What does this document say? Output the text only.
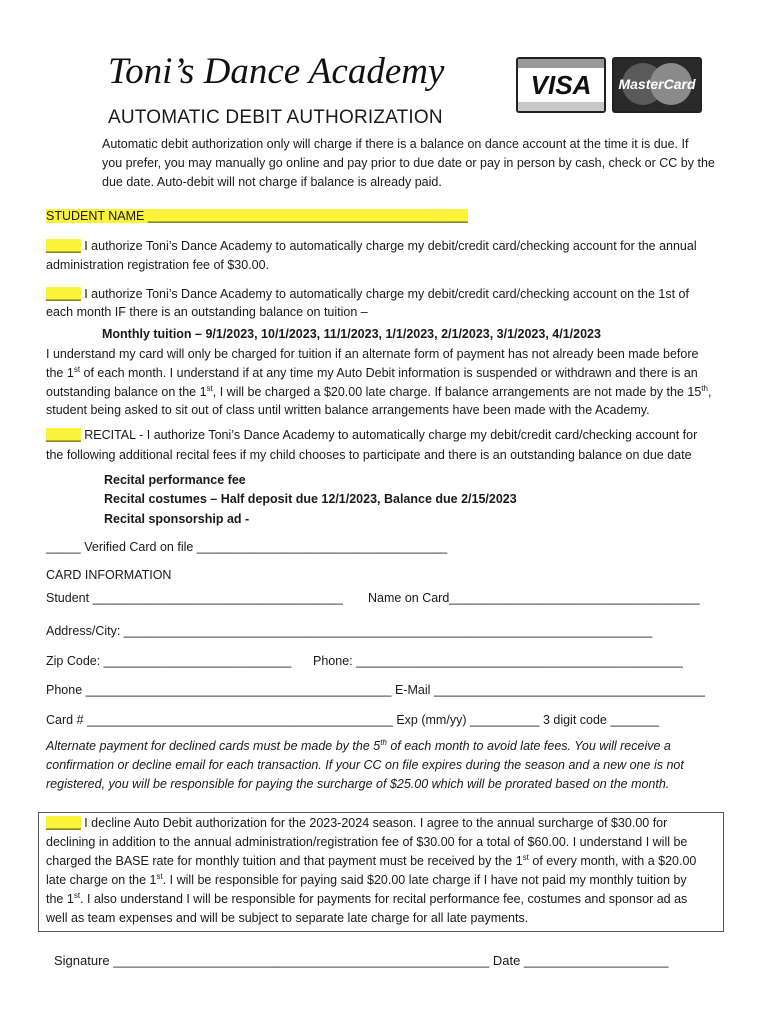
Toni’s Dance Academy
AUTOMATIC DEBIT AUTHORIZATION
VISA	MasterCard
Automatic debit authorization only will charge if there is a balance on dance account at the time it is due. If
you prefer, you may manually go online and pay prior to due date or pay in person by cash, check or CC by the
due date. Auto-debit will not charge if balance is already paid.
STUDENT NAME ______________________________________________
_____ I authorize Toni’s Dance Academy to automatically charge my debit/credit card/checking account for the annual
administration registration fee of $30.00.
_____ I authorize Toni’s Dance Academy to automatically charge my debit/credit card/checking account on the 1st of
each month IF there is an outstanding balance on tuition –
Monthly tuition – 9/1/2023, 10/1/2023, 11/1/2023, 1/1/2023, 2/1/2023, 3/1/2023, 4/1/2023
I understand my card will only be charged for tuition if an alternate form of payment has not already been made before
the 1st of each month. I understand if at any time my Auto Debit information is suspended or withdrawn and there is an
outstanding balance on the 1st, I will be charged a $20.00 late charge. If balance arrangements are not made by the 15th,
student being asked to sit out of class until written balance arrangements have been made with the Academy.
_____ RECITAL - I authorize Toni’s Dance Academy to automatically charge my debit/credit card/checking account for
the following additional recital fees if my child chooses to participate and there is an outstanding balance on due date
Recital performance fee
Recital costumes – Half deposit due 12/1/2023, Balance due 2/15/2023
Recital sponsorship ad -
_____ Verified Card on file ____________________________________
CARD INFORMATION
Student ____________________________________ Name on Card____________________________________
Address/City: ____________________________________________________________________________
Zip Code: ___________________________ Phone: _______________________________________________
Phone ____________________________________________ E-Mail _______________________________________
Card # ____________________________________________ Exp (mm/yy) __________ 3 digit code _______
Alternate payment for declined cards must be made by the 5th of each month to avoid late fees. You will receive a
confirmation or decline email for each transaction. If your CC on file expires during the season and a new one is not
registered, you will be responsible for paying the surcharge of $25.00 which will be prorated based on the month.
_____ I decline Auto Debit authorization for the 2023-2024 season. I agree to the annual surcharge of $30.00 for
declining in addition to the annual administration/registration fee of $30.00 for a total of $60.00. I understand I will be
charged the BASE rate for monthly tuition and that payment must be received by the 1st of every month, with a $20.00
late charge on the 1st. I will be responsible for paying said $20.00 late charge if I have not paid my monthly tuition by
the 1st. I also understand I will be responsible for payments for recital performance fee, costumes and sponsor ad as
well as team expenses and will be subject to separate late charge for all late payments.
Signature ____________________________________________________ Date ____________________
